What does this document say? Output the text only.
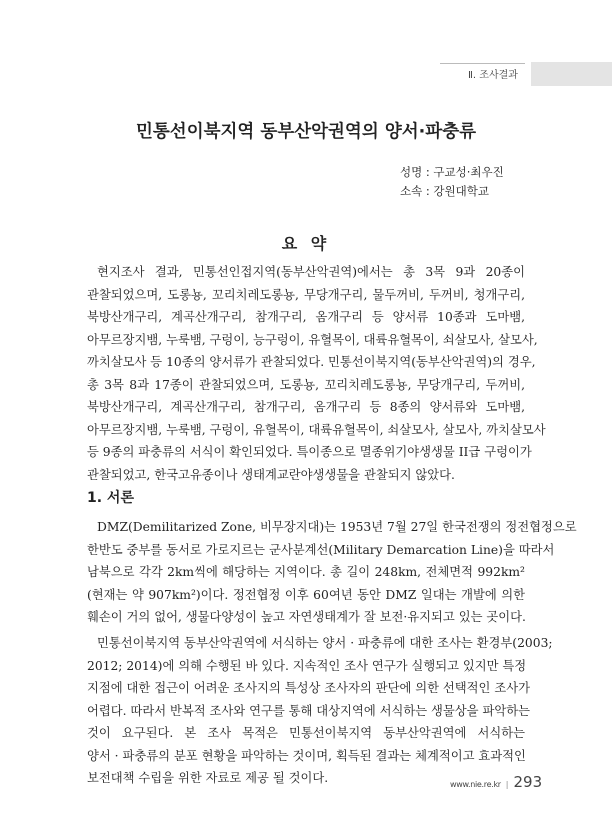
Ⅱ. 조사결과
민통선이북지역 동부산악권역의 양서·파충류
성명 : 구교성·최우진
소속 : 강원대학교
요 약
현지조사 결과, 민통선인접지역(동부산악권역)에서는 총 3목 9과 20종이
관찰되었으며, 도롱뇽, 꼬리치레도롱뇽, 무당개구리, 물두꺼비, 두꺼비, 청개구리,
북방산개구리, 계곡산개구리, 참개구리, 옴개구리 등 양서류 10종과 도마뱀,
아무르장지뱀, 누룩뱀, 구렁이, 능구렁이, 유혈목이, 대륙유혈목이, 쇠살모사, 살모사,
까치살모사 등 10종의 양서류가 관찰되었다. 민통선이북지역(동부산악권역)의 경우,
총 3목 8과 17종이 관찰되었으며, 도롱뇽, 꼬리치레도롱뇽, 무당개구리, 두꺼비,
북방산개구리, 계곡산개구리, 참개구리, 옴개구리 등 8종의 양서류와 도마뱀,
아무르장지뱀, 누룩뱀, 구렁이, 유혈목이, 대륙유혈목이, 쇠살모사, 살모사, 까치살모사
등 9종의 파충류의 서식이 확인되었다. 특이종으로 멸종위기야생생물 II급 구렁이가
관찰되었고, 한국고유종이나 생태계교란야생생물을 관찰되지 않았다.
1. 서론
DMZ(Demilitarized Zone, 비무장지대)는 1953년 7월 27일 한국전쟁의 정전협정으로
한반도 중부를 동서로 가로지르는 군사분계선(Military Demarcation Line)을 따라서
남북으로 각각 2km씩에 해당하는 지역이다. 총 길이 248km, 전체면적 992km²
(현재는 약 907km²)이다. 정전협정 이후 60여년 동안 DMZ 일대는 개발에 의한
훼손이 거의 없어, 생물다양성이 높고 자연생태계가 잘 보전·유지되고 있는 곳이다.
민통선이북지역 동부산악권역에 서식하는 양서 · 파충류에 대한 조사는 환경부(2003;
2012; 2014)에 의해 수행된 바 있다. 지속적인 조사 연구가 실행되고 있지만 특정
지점에 대한 접근이 어려운 조사지의 특성상 조사자의 판단에 의한 선택적인 조사가
어렵다. 따라서 반복적 조사와 연구를 통해 대상지역에 서식하는 생물상을 파악하는
것이 요구된다. 본 조사 목적은 민통선이북지역 동부산악권역에 서식하는
양서 · 파충류의 분포 현황을 파악하는 것이며, 획득된 결과는 체계적이고 효과적인
보전대책 수립을 위한 자료로 제공 될 것이다.	www.nie.re.kr | 293
